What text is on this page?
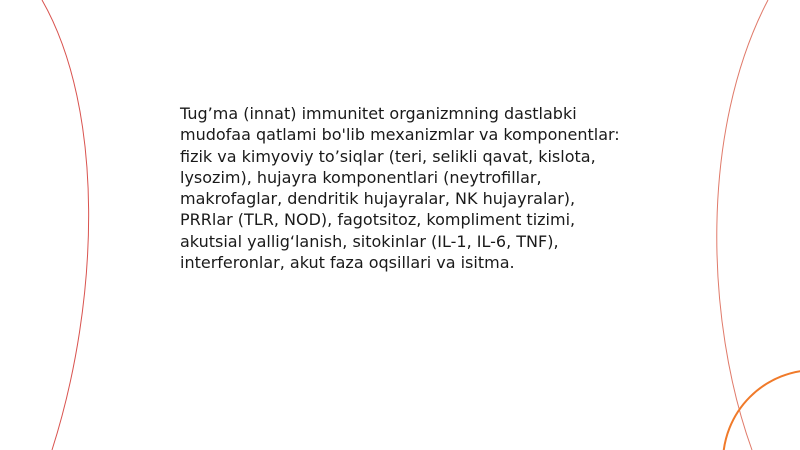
Tug’ma (innat) immunitet organizmning dastlabki mudofaa qatlami bo'lib mexanizmlar va komponentlar: fizik va kimyoviy to’siqlar (teri, selikli qavat, kislota, lysozim), hujayra komponentlari (neytrofillar, makrofaglar, dendritik hujayralar, NK hujayralar), PRRlar (TLR, NOD), fagotsitoz, kompliment tizimi, akutsial yallig‘lanish, sitokinlar (IL-1, IL-6, TNF), interferonlar, akut faza oqsillari va isitma.
